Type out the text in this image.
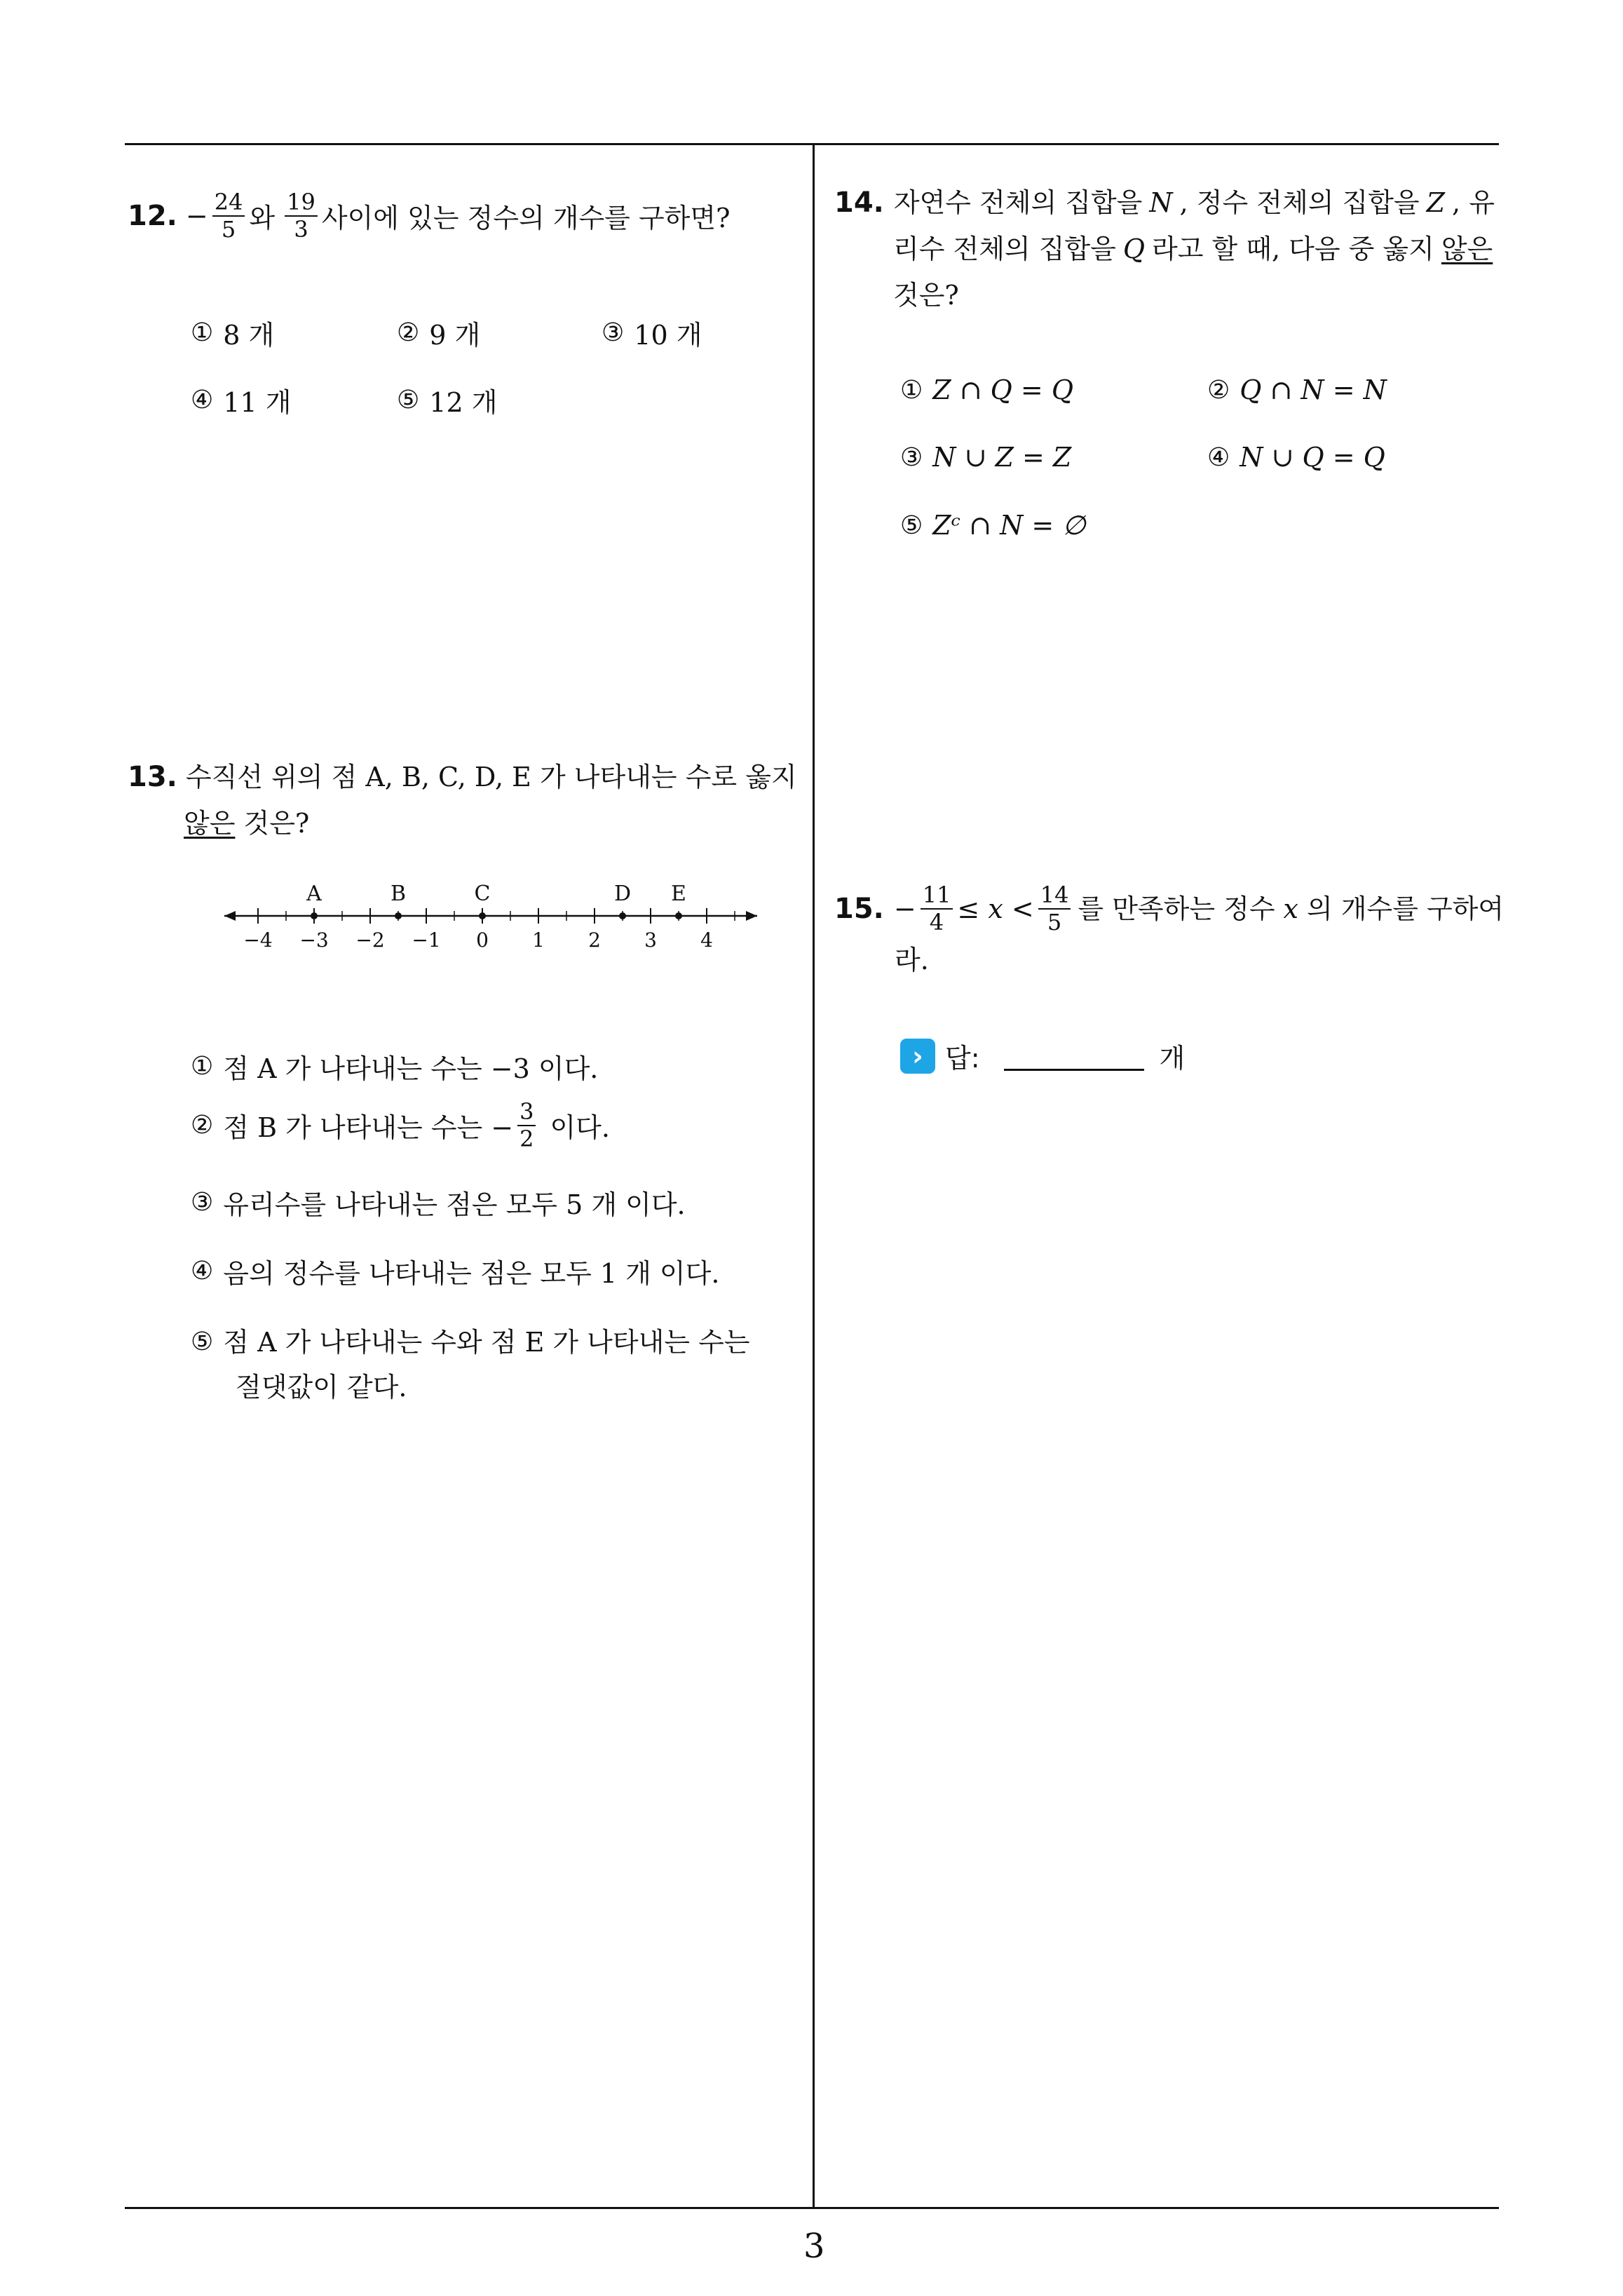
12. − $\frac{24}{5}$ 와 $\frac{19}{3}$ 사이에 있는 정수의 개수를 구하면?
① 8 개	② 9 개	③ 10 개
④ 11 개	⑤ 12 개
13. 수직선 위의 점 A, B, C, D, E 가 나타내는 수로 옳지
않은 것은?
−4 −3 −2 −1 0 1 2 3 4
A	B	C	D E
① 점 A 가 나타내는 수는 −3 이다.
② 점 B 가 나타내는 수는 − $\frac{3}{2}$ 이다.
③ 유리수를 나타내는 점은 모두 5 개 이다.
④ 음의 정수를 나타내는 점은 모두 1 개 이다.
⑤ 점 A 가 나타내는 수와 점 E 가 나타내는 수는
절댓값이 같다.
14. 자연수 전체의 집합을 N , 정수 전체의 집합을 Z , 유
리수 전체의 집합을 Q 라고 할 때, 다음 중 옳지 않은
것은?
① Z ∩ Q = Q	② Q ∩ N = N
③ N ∪ Z = Z	④ N ∪ Q = Q
⑤ Zᶜ ∩ N = ∅
15. − $\frac{11}{4} \le x < \frac{14}{5}$ 를 만족하는 정수 x 의 개수를 구하여
라.
› 답:	개
3
